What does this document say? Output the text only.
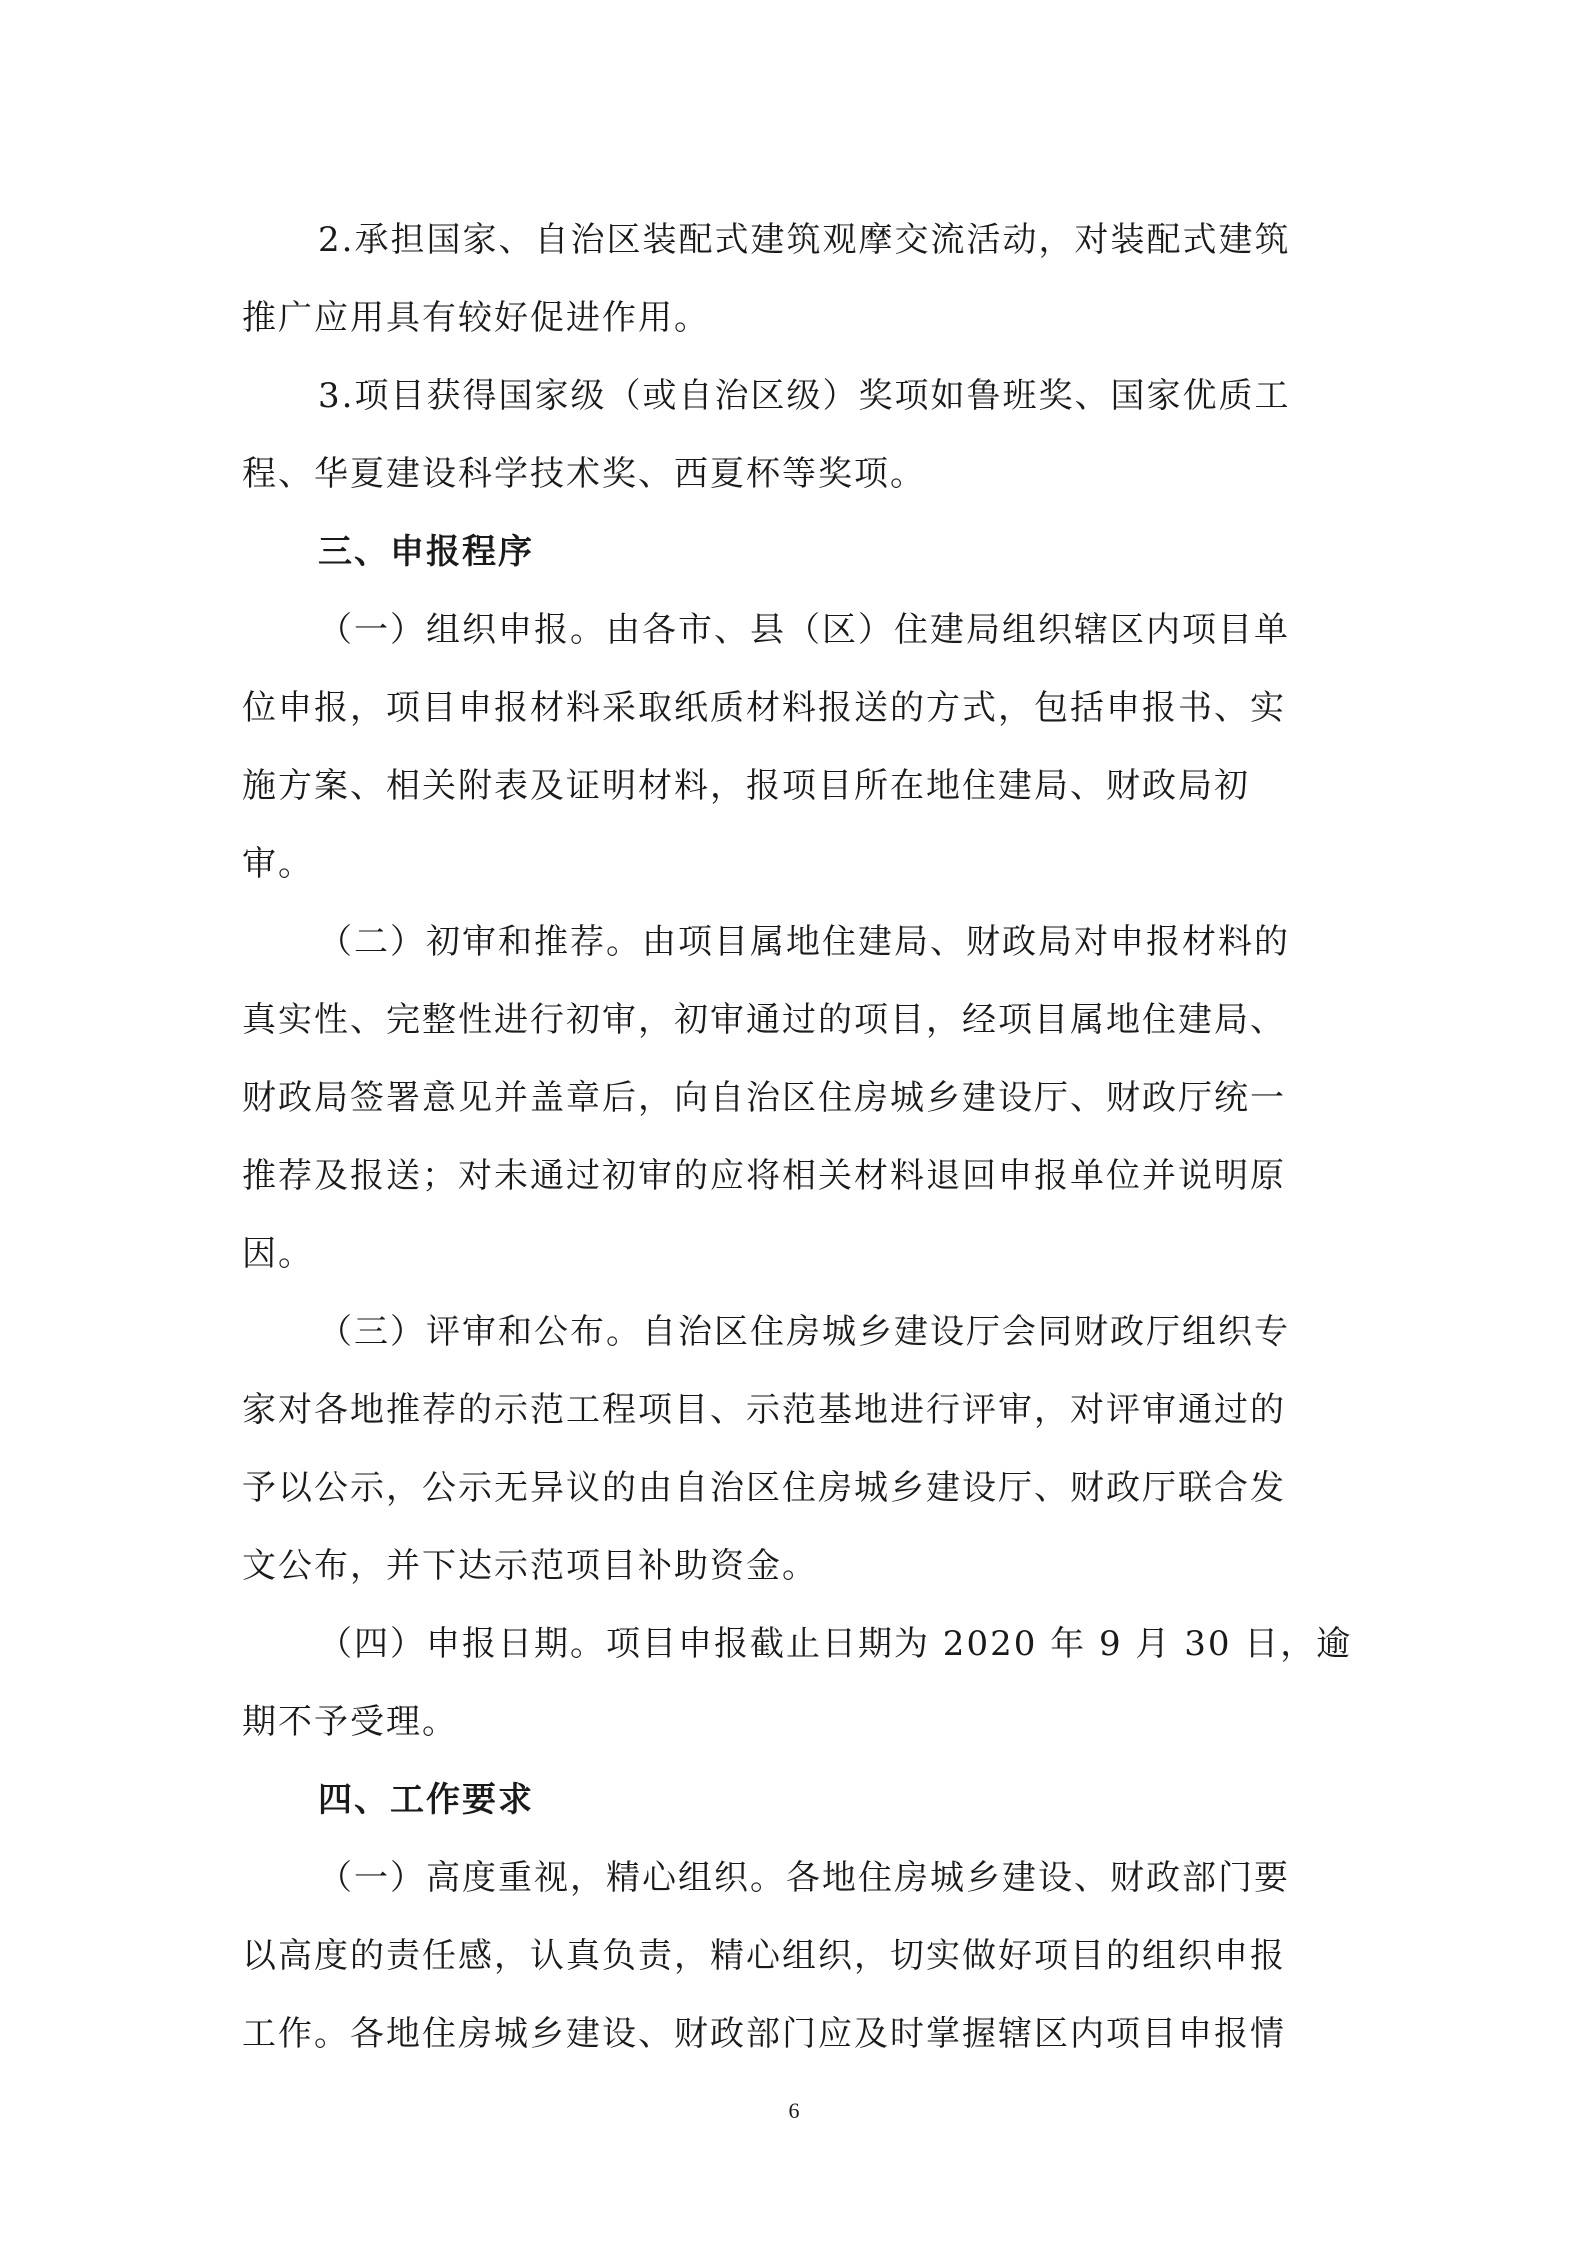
2.承担国家、自治区装配式建筑观摩交流活动，对装配式建筑
推广应用具有较好促进作用。
3.项目获得国家级（或自治区级）奖项如鲁班奖、国家优质工
程、华夏建设科学技术奖、西夏杯等奖项。
三、申报程序
（一）组织申报。由各市、县（区）住建局组织辖区内项目单
位申报，项目申报材料采取纸质材料报送的方式，包括申报书、实
施方案、相关附表及证明材料，报项目所在地住建局、财政局初
审。
（二）初审和推荐。由项目属地住建局、财政局对申报材料的
真实性、完整性进行初审，初审通过的项目，经项目属地住建局、
财政局签署意见并盖章后，向自治区住房城乡建设厅、财政厅统一
推荐及报送；对未通过初审的应将相关材料退回申报单位并说明原
因。
（三）评审和公布。自治区住房城乡建设厅会同财政厅组织专
家对各地推荐的示范工程项目、示范基地进行评审，对评审通过的
予以公示，公示无异议的由自治区住房城乡建设厅、财政厅联合发
文公布，并下达示范项目补助资金。
（四）申报日期。项目申报截止日期为 2020 年 9 月 30 日，逾
期不予受理。
四、工作要求
（一）高度重视，精心组织。各地住房城乡建设、财政部门要
以高度的责任感，认真负责，精心组织，切实做好项目的组织申报
工作。各地住房城乡建设、财政部门应及时掌握辖区内项目申报情
6
